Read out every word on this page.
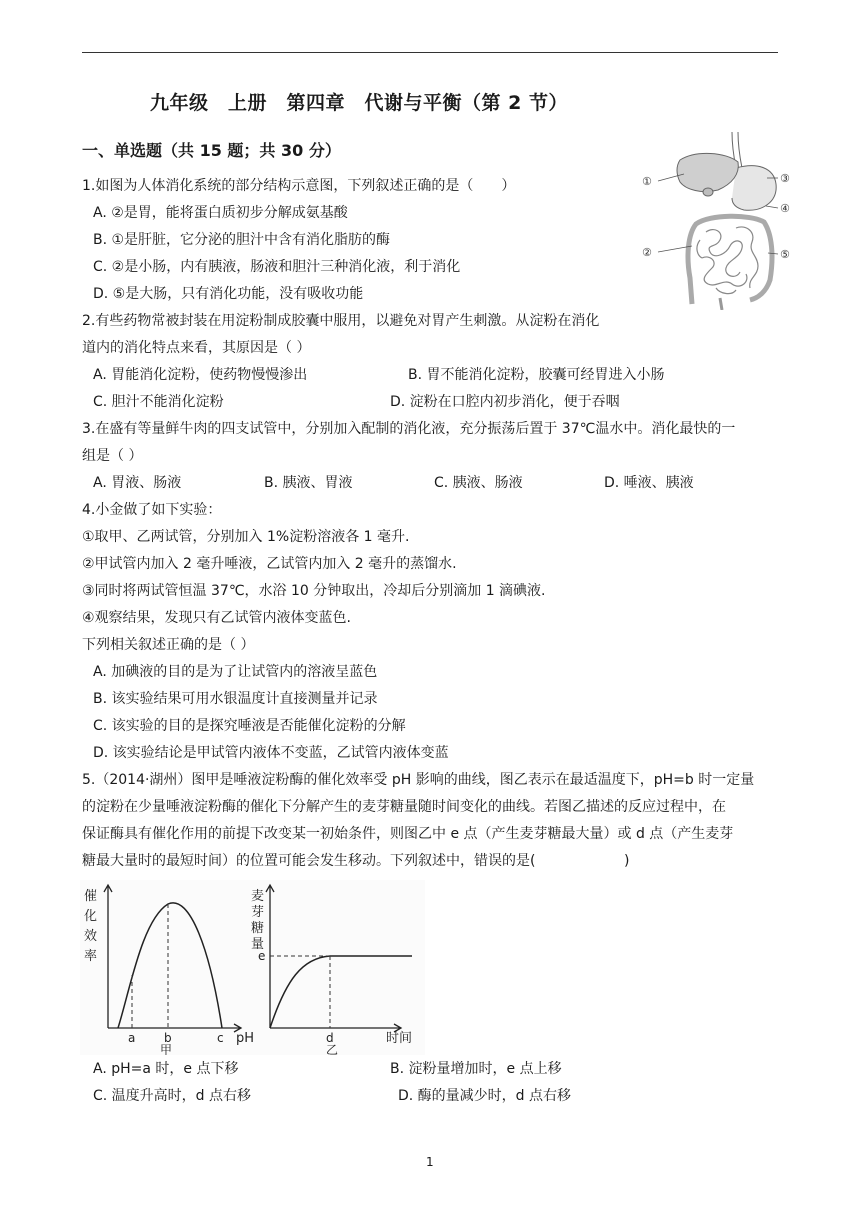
九年级　上册　第四章　代谢与平衡（第 2 节）
一、单选题（共 15 题；共 30 分）
1.如图为人体消化系统的部分结构示意图，下列叙述正确的是（　　）
A. ②是胃，能将蛋白质初步分解成氨基酸
B. ①是肝脏，它分泌的胆汁中含有消化脂肪的酶
C. ②是小肠，内有胰液，肠液和胆汁三种消化液，利于消化
D. ⑤是大肠，只有消化功能，没有吸收功能
①
②
③
④
⑤
2.有些药物常被封装在用淀粉制成胶囊中服用，以避免对胃产生刺激。从淀粉在消化
道内的消化特点来看，其原因是（ ）
A. 胃能消化淀粉，使药物慢慢渗出	B. 胃不能消化淀粉，胶囊可经胃进入小肠
C. 胆汁不能消化淀粉	D. 淀粉在口腔内初步消化，便于吞咽
3.在盛有等量鲜牛肉的四支试管中，分别加入配制的消化液，充分振荡后置于 37℃温水中。消化最快的一
组是（ ）
A. 胃液、肠液	B. 胰液、胃液	C. 胰液、肠液	D. 唾液、胰液
4.小金做了如下实验：
①取甲、乙两试管，分别加入 1%淀粉溶液各 1 毫升.
②甲试管内加入 2 毫升唾液，乙试管内加入 2 毫升的蒸馏水.
③同时将两试管恒温 37℃，水浴 10 分钟取出，冷却后分别滴加 1 滴碘液.
④观察结果，发现只有乙试管内液体变蓝色.
下列相关叙述正确的是（ ）
A. 加碘液的目的是为了让试管内的溶液呈蓝色
B. 该实验结果可用水银温度计直接测量并记录
C. 该实验的目的是探究唾液是否能催化淀粉的分解
D. 该实验结论是甲试管内液体不变蓝，乙试管内液体变蓝
5.（2014·湖州）图甲是唾液淀粉酶的催化效率受 pH 影响的曲线，图乙表示在最适温度下，pH=b 时一定量
的淀粉在少量唾液淀粉酶的催化下分解产生的麦芽糖量随时间变化的曲线。若图乙描述的反应过程中，在
保证酶具有催化作用的前提下改变某一初始条件，则图乙中 e 点（产生麦芽糖最大量）或 d 点（产生麦芽
糖最大量时的最短时间）的位置可能会发生移动。下列叙述中，错误的是(	)
催
化
效
率
a b	c pH
甲
麦
芽
糖
量
e
d	时间
乙
A. pH=a 时，e 点下移	B. 淀粉量增加时，e 点上移
C. 温度升高时，d 点右移	D. 酶的量减少时，d 点右移
1
